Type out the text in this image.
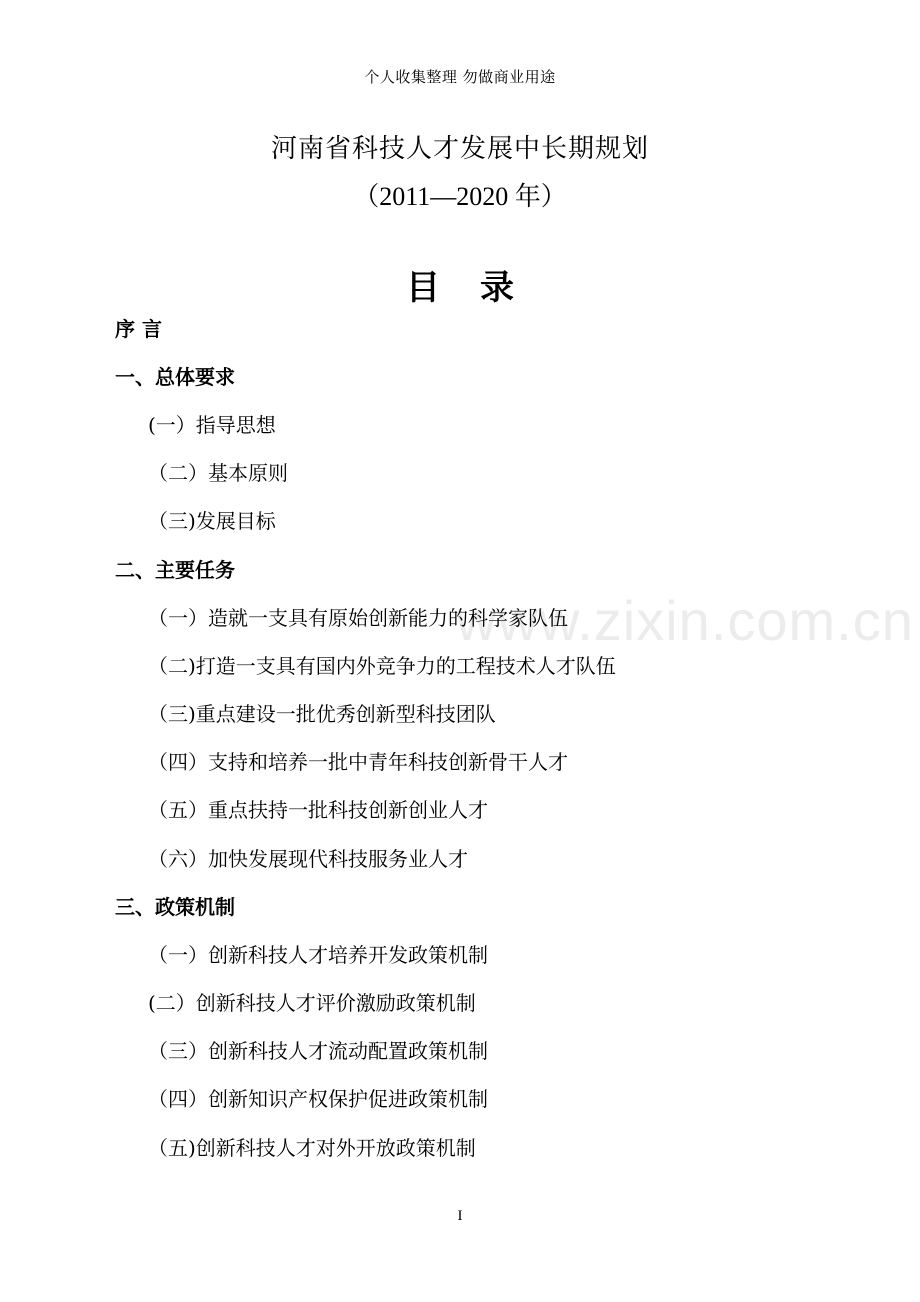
www.zixin.com.cn
个人收集整理 勿做商业用途
河南省科技人才发展中长期规划
（2011—2020 年）
目录
序 言
一、总体要求
(一）指导思想
（二）基本原则
（三)发展目标
二、主要任务
（一）造就一支具有原始创新能力的科学家队伍
（二)打造一支具有国内外竞争力的工程技术人才队伍
（三)重点建设一批优秀创新型科技团队
（四）支持和培养一批中青年科技创新骨干人才
（五）重点扶持一批科技创新创业人才
（六）加快发展现代科技服务业人才
三、政策机制
（一）创新科技人才培养开发政策机制
(二）创新科技人才评价激励政策机制
（三）创新科技人才流动配置政策机制
（四）创新知识产权保护促进政策机制
（五)创新科技人才对外开放政策机制
I
